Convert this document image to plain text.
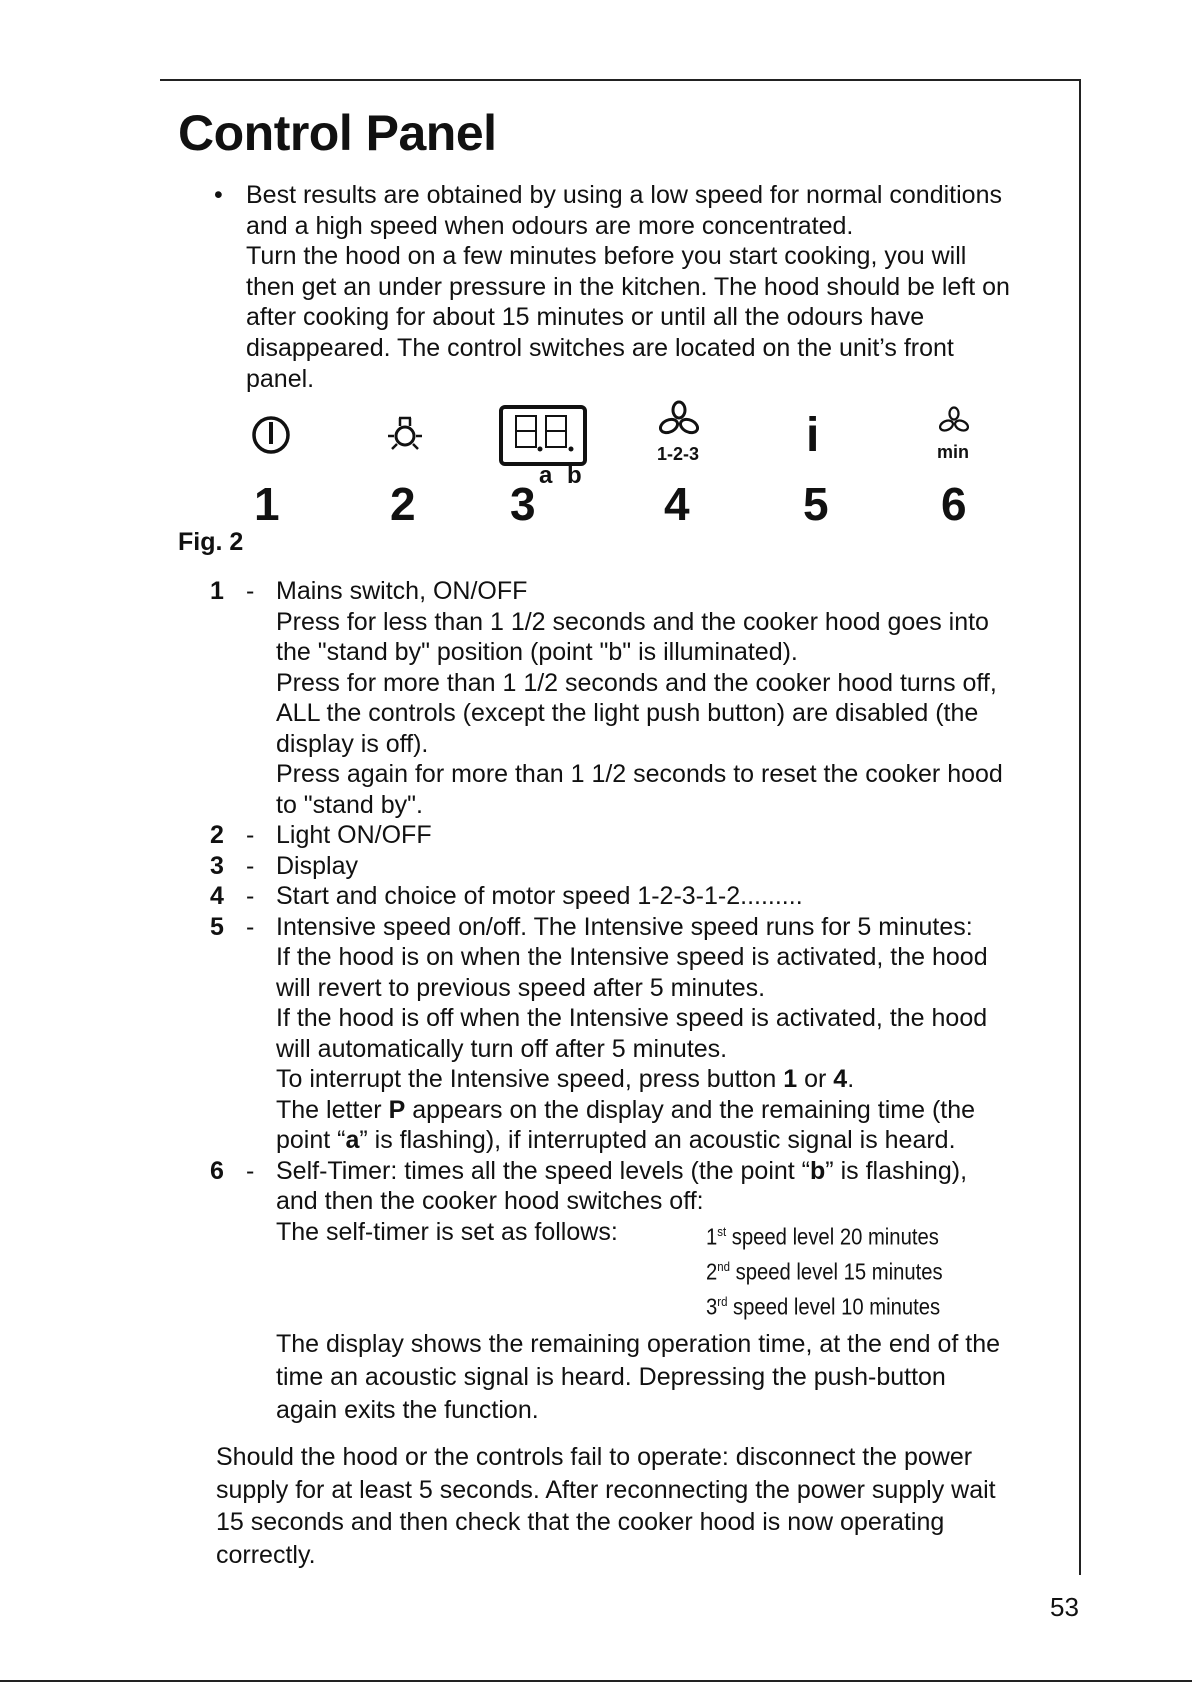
Control Panel
• Best results are obtained by using a low speed for normal conditions

and a high speed when odours are more concentrated.

Turn the hood on a few minutes before you start cooking, you will

then get an under pressure in the kitchen. The hood should be left on

after cooking for about 15 minutes or until all the odours have

disappeared. The control switches are located on the unit’s front

panel.

a b
1-2-3 i	min
1 2 3	4 5 6
Fig. 2
1 - Mains switch, ON/OFF

Press for less than 1 1/2 seconds and the cooker hood goes into

the "stand by" position (point "b" is illuminated).

Press for more than 1 1/2 seconds and the cooker hood turns off,

ALL the controls (except the light push button) are disabled (the

display is off).

Press again for more than 1 1/2 seconds to reset the cooker hood

to "stand by".

2 - Light ON/OFF
3 - Display
4 - Start and choice of motor speed 1-2-3-1-2.........
5 - Intensive speed on/off. The Intensive speed runs for 5 minutes:

If the hood is on when the Intensive speed is activated, the hood

will revert to previous speed after 5 minutes.

If the hood is off when the Intensive speed is activated, the hood

will automatically turn off after 5 minutes.

To interrupt the Intensive speed, press button 1 or 4.

The letter P appears on the display and the remaining time (the

point “a” is flashing), if interrupted an acoustic signal is heard.

6 - Self-Timer: times all the speed levels (the point “b” is flashing),

and then the cooker hood switches off:

The self-timer is set as follows:	1st speed level 20 minutes
2nd speed level 15 minutes
3rd speed level 10 minutes

The display shows the remaining operation time, at the end of the

time an acoustic signal is heard. Depressing the push-button

again exits the function.

Should the hood or the controls fail to operate: disconnect the power

supply for at least 5 seconds. After reconnecting the power supply wait

15 seconds and then check that the cooker hood is now operating

correctly.

53
